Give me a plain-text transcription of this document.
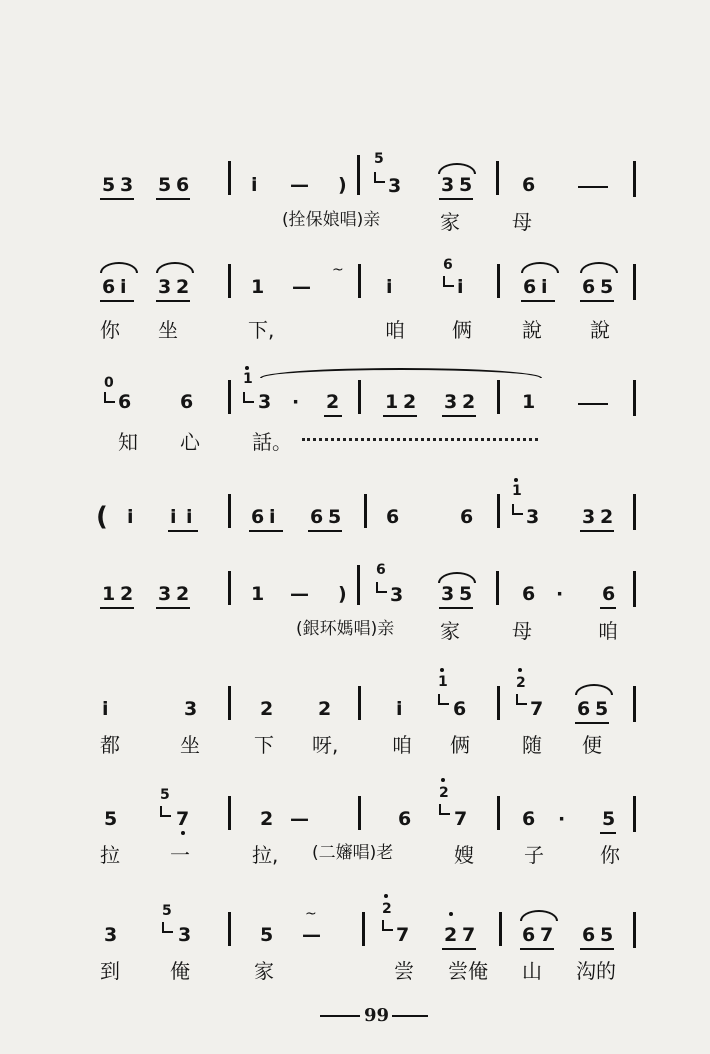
5 3 5 6	i — )
5
3 3 5	6
(拴保娘唱)亲	家	母
6 i 3 2	1 —
~
i
6
i	6 i 6 5
你 坐	下,	咱 俩	說 說
0
6	6
1
3 · 2 1 2 3 2 1
知 心	話。
( i i i	6 i 6 5 6	6
1
3 3 2
1 2 3 2	1 — )
6
3 3 5	6 · 6
(銀环媽唱)亲 家	母	咱
i	3	2 2	i
1
6
2
7 6 5
都	坐	下 呀,	咱 俩	随 便
5
5
7	2 —	6
2
7	6 · 5
拉	一	拉, (二嬸唱)老	嫂	子	你
3
5
3	5 —
~	2
7 2 7 6 7 6 5
到	俺	家	尝 尝俺 山 沟的
99
